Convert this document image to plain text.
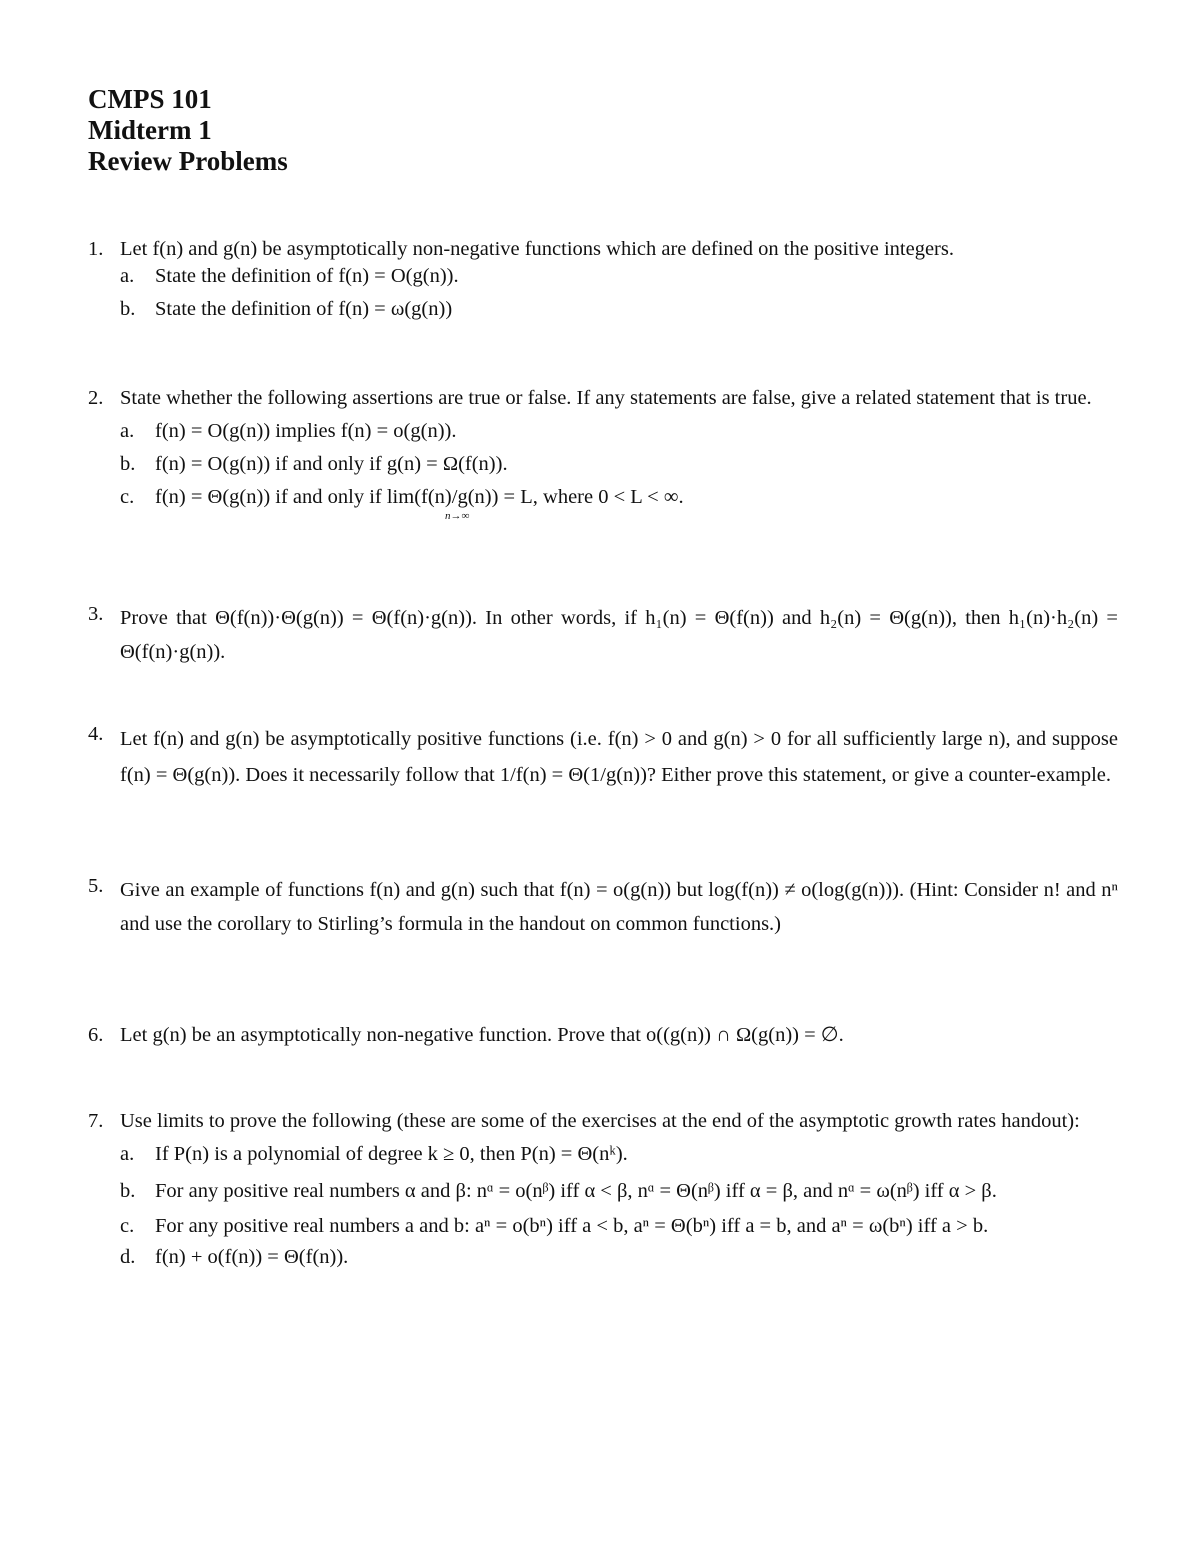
CMPS 101
Midterm 1
Review Problems
1. Let f(n) and g(n) be asymptotically non-negative functions which are defined on the positive integers.
a. State the definition of f(n) = O(g(n)).
b. State the definition of f(n) = ω(g(n))
2. State whether the following assertions are true or false. If any statements are false, give a related statement that is true.
a. f(n) = O(g(n)) implies f(n) = o(g(n)).
b. f(n) = O(g(n)) if and only if g(n) = Ω(f(n)).
c. f(n) = Θ(g(n)) if and only if lim(f(n)/g(n)) = L, where 0 < L < ∞.
n→∞
3. Prove that Θ(f(n))·Θ(g(n)) = Θ(f(n)·g(n)). In other words, if h₁(n) = Θ(f(n)) and h₂(n) = Θ(g(n)), then h₁(n)·h₂(n) = Θ(f(n)·g(n)).
4. Let f(n) and g(n) be asymptotically positive functions (i.e. f(n) > 0 and g(n) > 0 for all sufficiently large n), and suppose f(n) = Θ(g(n)). Does it necessarily follow that 1/f(n) = Θ(1/g(n))? Either prove this statement, or give a counter-example.
5. Give an example of functions f(n) and g(n) such that f(n) = o(g(n)) but log(f(n)) ≠ o(log(g(n))). (Hint: Consider n! and nⁿ and use the corollary to Stirling’s formula in the handout on common functions.)
6. Let g(n) be an asymptotically non-negative function. Prove that o((g(n)) ∩ Ω(g(n)) = ∅.
7. Use limits to prove the following (these are some of the exercises at the end of the asymptotic growth rates handout):
a. If P(n) is a polynomial of degree k ≥ 0, then P(n) = Θ(nᵏ).
b. For any positive real numbers α and β: nᵅ = o(nᵝ) iff α < β, nᵅ = Θ(nᵝ) iff α = β, and nᵅ = ω(nᵝ) iff α > β.
c. For any positive real numbers a and b: aⁿ = o(bⁿ) iff a < b, aⁿ = Θ(bⁿ) iff a = b, and aⁿ = ω(bⁿ) iff a > b.
d. f(n) + o(f(n)) = Θ(f(n)).
